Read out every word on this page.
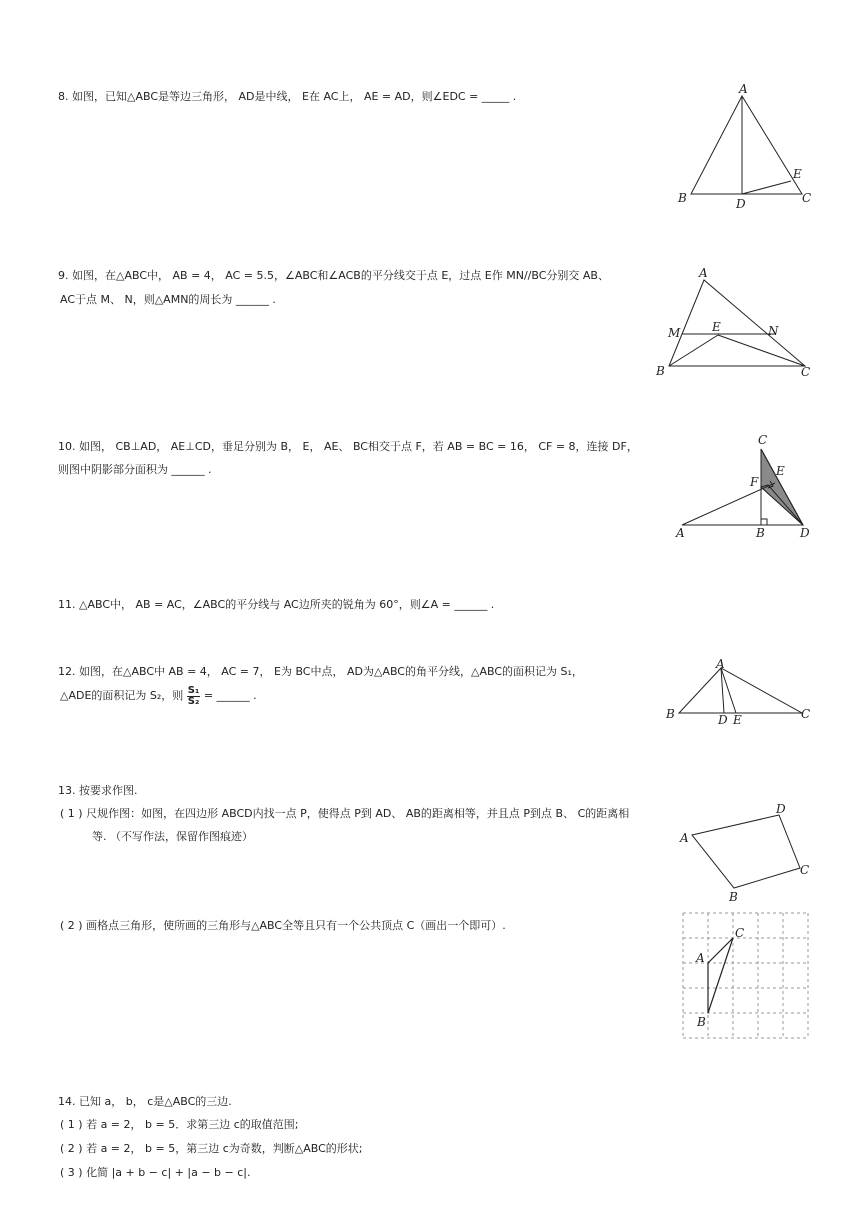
8. 如图，已知△ABC是等边三角形， AD是中线， E在 AC上， AE = AD，则∠EDC = _____ .
A
B	C
D
E
9. 如图，在△ABC中， AB = 4， AC = 5.5，∠ABC和∠ACB的平分线交于点 E，过点 E作 MN//BC分别交 AB、
AC于点 M、 N，则△AMN的周长为 ______ .
A
B	C
E
M	N
10. 如图， CB⊥AD， AE⊥CD，垂足分别为 B， E， AE、 BC相交于点 F，若 AB = BC = 16， CF = 8，连接 DF，
则图中阴影部分面积为 ______ .
C
E
F
A	B	D
11. △ABC中， AB = AC，∠ABC的平分线与 AC边所夹的锐角为 60°，则∠A = ______ .
12. 如图，在△ABC中 AB = 4， AC = 7， E为 BC中点， AD为△ABC的角平分线，△ABC的面积记为 S₁，
△ADE的面积记为 S₂，则 $\frac{\text{S₁}}{\text{S₂}}$ = ______ .
A
B	C
D E
13. 按要求作图.
( 1 ) 尺规作图：如图，在四边形 ABCD内找一点 P，使得点 P到 AD、 AB的距离相等，并且点 P到点 B、 C的距离相
等. （不写作法，保留作图痕迹）	A
D
C
B
( 2 ) 画格点三角形，使所画的三角形与△ABC全等且只有一个公共顶点 C（画出一个即可）.
C
A
B
14. 已知 a， b， c是△ABC的三边.
( 1 ) 若 a = 2， b = 5．求第三边 c的取值范围;
( 2 ) 若 a = 2， b = 5，第三边 c为奇数，判断△ABC的形状;
( 3 ) 化简 |a + b − c| + |a − b − c|.
